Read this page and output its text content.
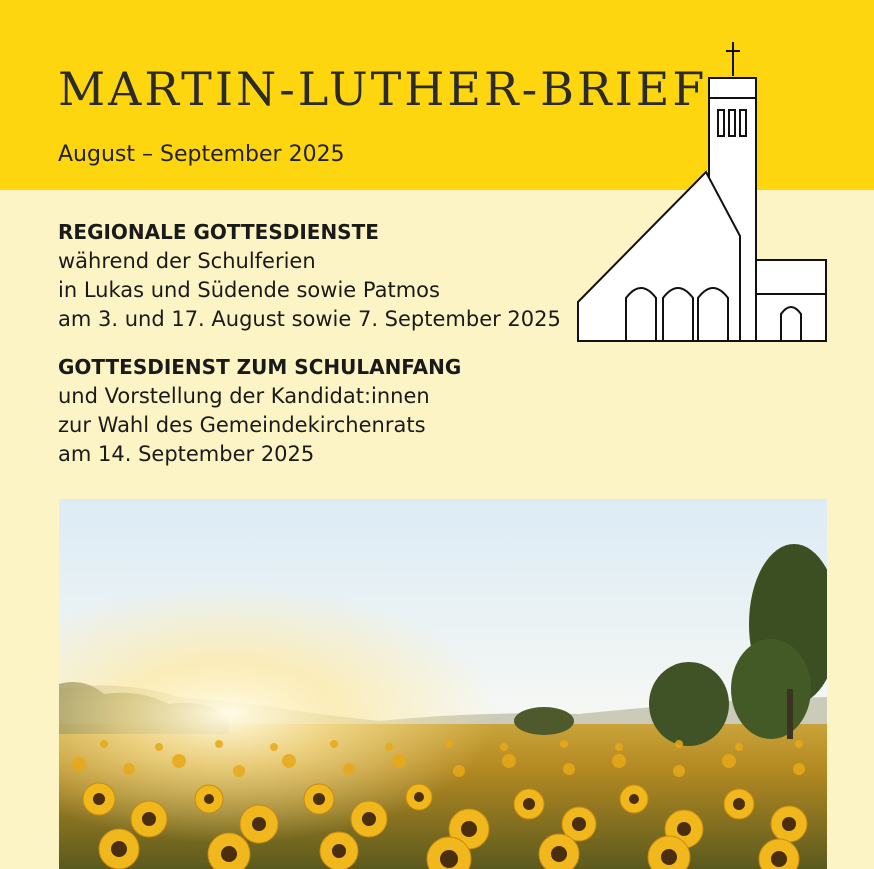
MARTIN-LUTHER-BRIEF
August – September 2025
REGIONALE GOTTESDIENSTE
während der Schulferien
in Lukas und Südende sowie Patmos
am 3. und 17. August sowie 7. September 2025
GOTTESDIENST ZUM SCHULANFANG
und Vorstellung der Kandidat:innen
zur Wahl des Gemeindekirchenrats
am 14. September 2025
